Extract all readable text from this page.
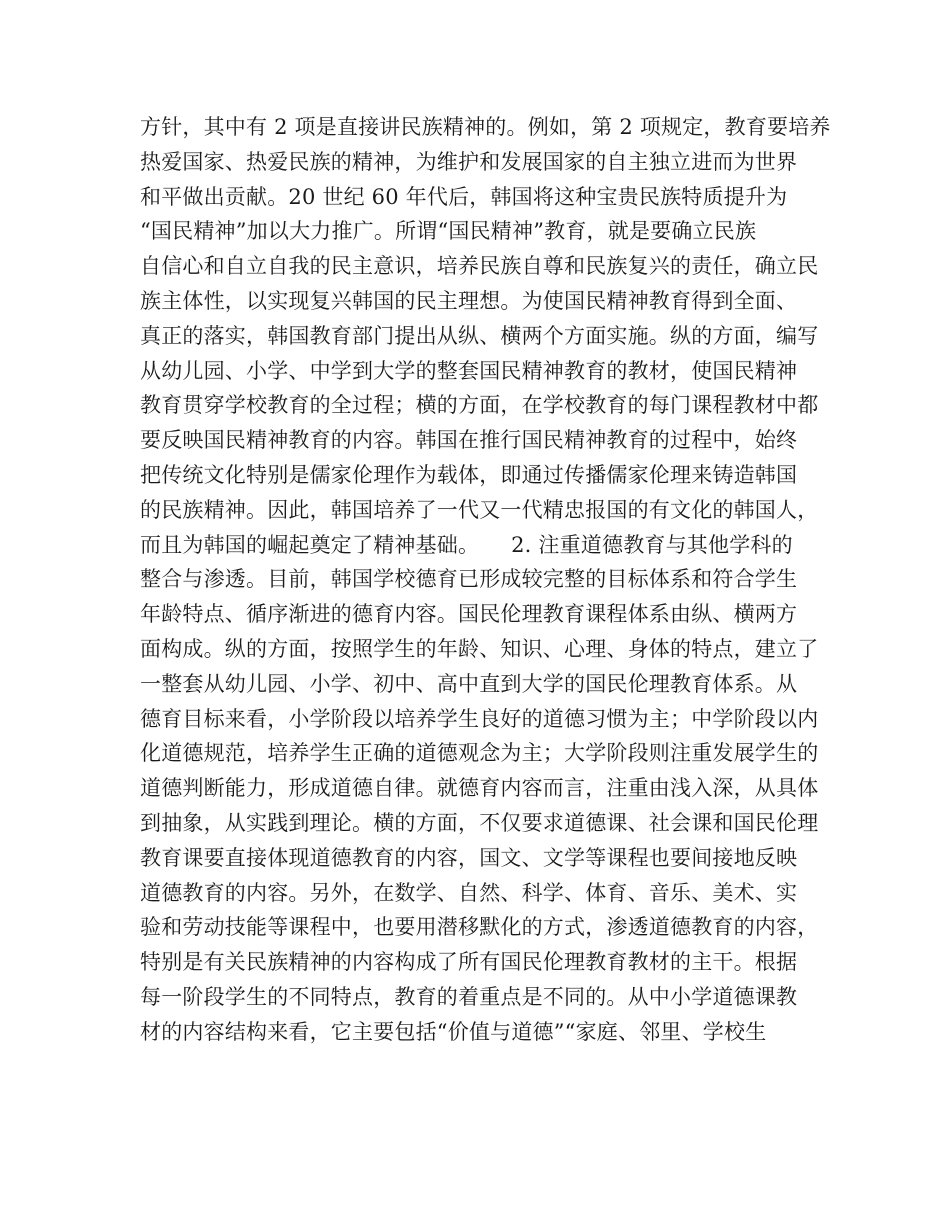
方针，其中有 2 项是直接讲民族精神的。例如，第 2 项规定，教育要培养
热爱国家、热爱民族的精神，为维护和发展国家的自主独立进而为世界
和平做出贡献。20 世纪 60 年代后，韩国将这种宝贵民族特质提升为
“国民精神”加以大力推广。所谓“国民精神”教育，就是要确立民族
自信心和自立自我的民主意识，培养民族自尊和民族复兴的责任，确立民
族主体性，以实现复兴韩国的民主理想。为使国民精神教育得到全面、
真正的落实，韩国教育部门提出从纵、横两个方面实施。纵的方面，编写
从幼儿园、小学、中学到大学的整套国民精神教育的教材，使国民精神
教育贯穿学校教育的全过程；横的方面，在学校教育的每门课程教材中都
要反映国民精神教育的内容。韩国在推行国民精神教育的过程中，始终
把传统文化特别是儒家伦理作为载体，即通过传播儒家伦理来铸造韩国
的民族精神。因此，韩国培养了一代又一代精忠报国的有文化的韩国人，
而且为韩国的崛起奠定了精神基础。　　2. 注重道德教育与其他学科的
整合与渗透。目前，韩国学校德育已形成较完整的目标体系和符合学生
年龄特点、循序渐进的德育内容。国民伦理教育课程体系由纵、横两方
面构成。纵的方面，按照学生的年龄、知识、心理、身体的特点，建立了
一整套从幼儿园、小学、初中、高中直到大学的国民伦理教育体系。从
德育目标来看，小学阶段以培养学生良好的道德习惯为主；中学阶段以内
化道德规范，培养学生正确的道德观念为主；大学阶段则注重发展学生的
道德判断能力，形成道德自律。就德育内容而言，注重由浅入深，从具体
到抽象，从实践到理论。横的方面，不仅要求道德课、社会课和国民伦理
教育课要直接体现道德教育的内容，国文、文学等课程也要间接地反映
道德教育的内容。另外，在数学、自然、科学、体育、音乐、美术、实
验和劳动技能等课程中，也要用潜移默化的方式，渗透道德教育的内容，
特别是有关民族精神的内容构成了所有国民伦理教育教材的主干。根据
每一阶段学生的不同特点，教育的着重点是不同的。从中小学道德课教
材的内容结构来看，它主要包括“价值与道德”“家庭、邻里、学校生
